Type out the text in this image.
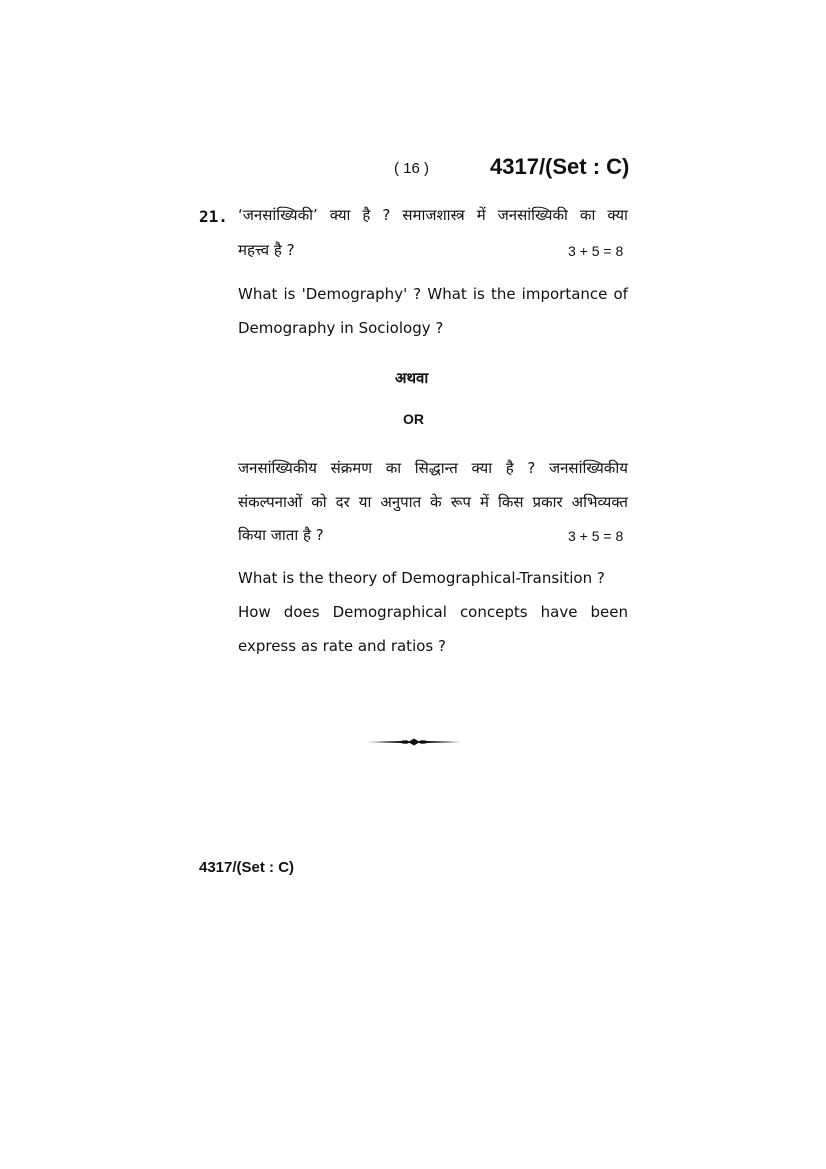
( 16 )	4317/(Set : C)
21. ‘जनसांख्यिकी’ क्या है ? समाजशास्त्र में जनसांख्यिकी का क्या
महत्त्व है ?	3 + 5 = 8
What is 'Demography' ? What is the importance of
Demography in Sociology ?
अथवा
OR
जनसांख्यिकीय संक्रमण का सिद्धान्त क्या है ? जनसांख्यिकीय
संकल्पनाओं को दर या अनुपात के रूप में किस प्रकार अभिव्यक्त
किया जाता है ?	3 + 5 = 8
What is the theory of Demographical-Transition ?
How does Demographical concepts have been
express as rate and ratios ?
4317/(Set : C)
